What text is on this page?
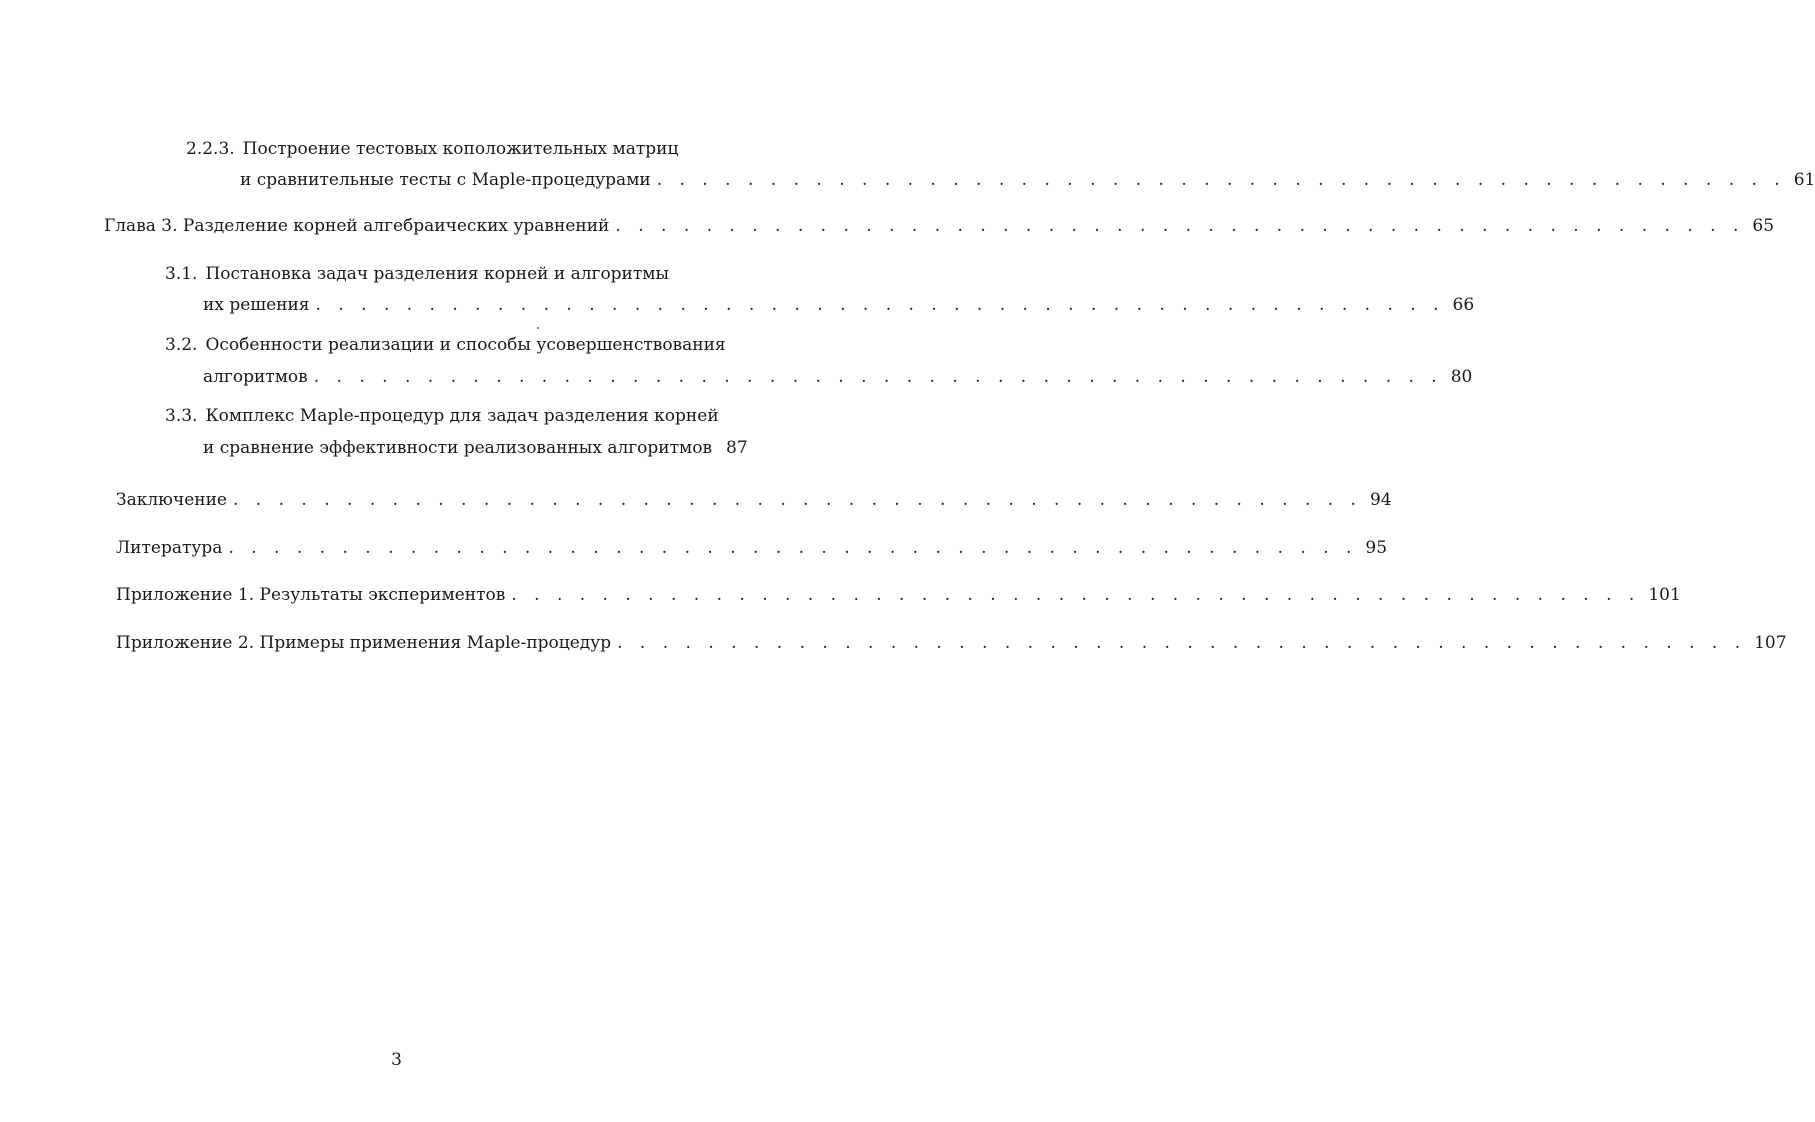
2.2.3. Построение тестовых коположительных матриц
и сравнительные тесты с Maple-процедурами . . . . . . . . . . . . . . . . . . . . . . . . . . . . . . . . . . . . . . . . . . . . . . . . . . 61
Глава 3. Разделение корней алгебраических уравнений . . . . . . . . . . . . . . . . . . . . . . . . . . . . . . . . . . . . . . . . . . . . . . . . . . 65
3.1. Постановка задач разделения корней и алгоритмы
их решения . . . . . . . . . . . . . . . . . . . . . . . . . . . . . . . . . . . . . . . . . . . . . . . . . . 66
3.2. Особенности реализации и способы усовершенствования
алгоритмов . . . . . . . . . . . . . . . . . . . . . . . . . . . . . . . . . . . . . . . . . . . . . . . . . . 80
3.3. Комплекс Maple-процедур для задач разделения корней
и сравнение эффективности реализованных алгоритмов 87
Заключение . . . . . . . . . . . . . . . . . . . . . . . . . . . . . . . . . . . . . . . . . . . . . . . . . . 94
Литература . . . . . . . . . . . . . . . . . . . . . . . . . . . . . . . . . . . . . . . . . . . . . . . . . . 95
Приложение 1. Результаты экспериментов . . . . . . . . . . . . . . . . . . . . . . . . . . . . . . . . . . . . . . . . . . . . . . . . . . 101
Приложение 2. Примеры применения Maple-процедур . . . . . . . . . . . . . . . . . . . . . . . . . . . . . . . . . . . . . . . . . . . . . . . . . . 107
3
